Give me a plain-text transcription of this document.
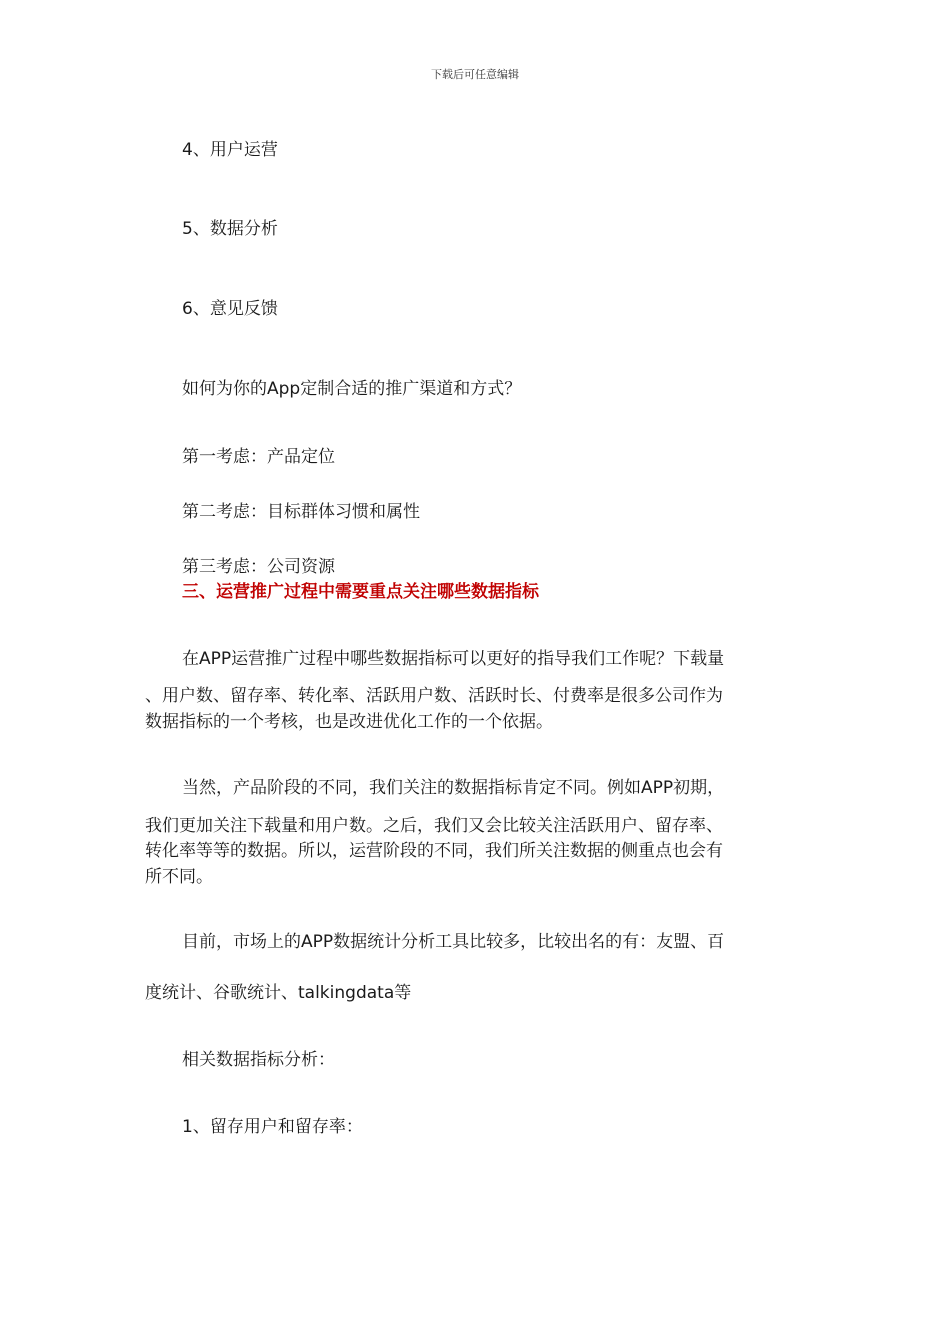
下载后可任意编辑
4、用户运营
5、数据分析
6、意见反馈
如何为你的App定制合适的推广渠道和方式？
第一考虑：产品定位
第二考虑：目标群体习惯和属性
第三考虑：公司资源
三、运营推广过程中需要重点关注哪些数据指标
在APP运营推广过程中哪些数据指标可以更好的指导我们工作呢？下载量
、用户数、留存率、转化率、活跃用户数、活跃时长、付费率是很多公司作为
数据指标的一个考核，也是改进优化工作的一个依据。
当然，产品阶段的不同，我们关注的数据指标肯定不同。例如APP初期，
我们更加关注下载量和用户数。之后，我们又会比较关注活跃用户、留存率、
转化率等等的数据。所以，运营阶段的不同，我们所关注数据的侧重点也会有
所不同。
目前，市场上的APP数据统计分析工具比较多，比较出名的有：友盟、百
度统计、谷歌统计、talkingdata等
相关数据指标分析：
1、留存用户和留存率：
